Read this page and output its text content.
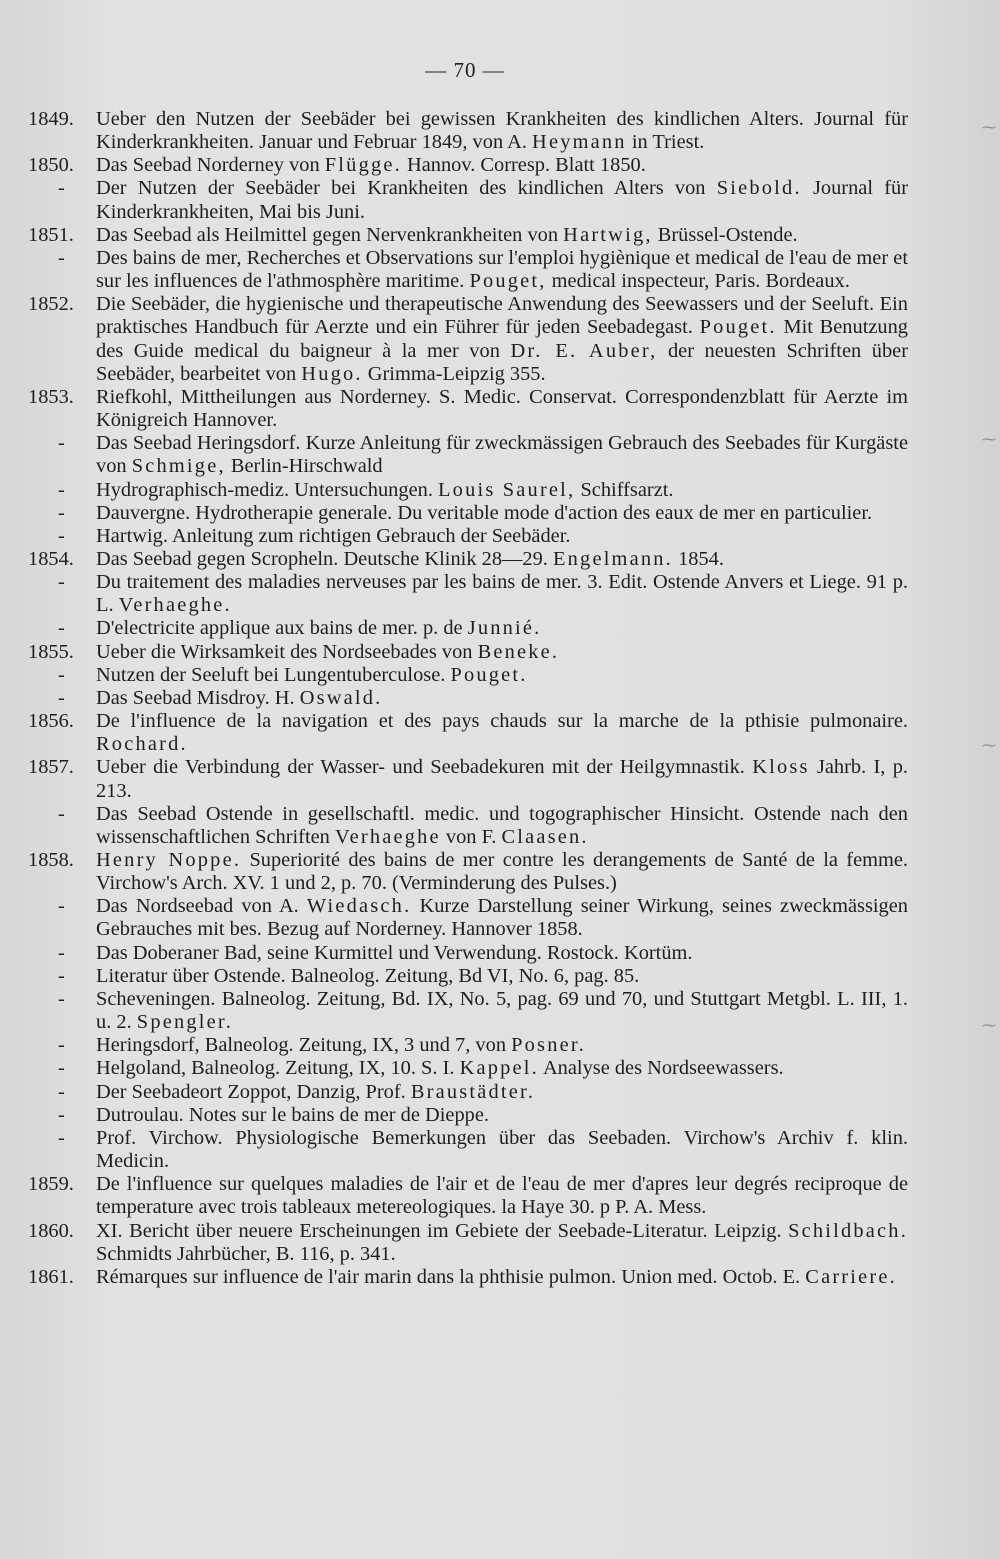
— 70 —
1849.	Ueber den Nutzen der Seebäder bei gewissen Krankheiten des kindlichen Alters. Journal für Kinderkrankheiten. Januar und Februar 1849, von A. Heymann in Triest.
1850.	Das Seebad Norderney von Flügge. Hannov. Corresp. Blatt 1850.
- Der Nutzen der Seebäder bei Krankheiten des kindlichen Alters von Siebold. Journal für Kinderkrankheiten, Mai bis Juni.
1851.	Das Seebad als Heilmittel gegen Nervenkrankheiten von Hartwig, Brüssel-Ostende.
- Des bains de mer, Recherches et Observations sur l'emploi hygiènique et medical de l'eau de mer et sur les influences de l'athmosphère maritime. Pouget, medical inspecteur, Paris. Bordeaux.
1852.	Die Seebäder, die hygienische und therapeutische Anwendung des Seewassers und der Seeluft. Ein praktisches Handbuch für Aerzte und ein Führer für jeden Seebadegast. Pouget. Mit Benutzung des Guide medical du baigneur à la mer von Dr. E. Auber, der neuesten Schriften über Seebäder, bearbeitet von Hugo. Grimma-Leipzig 355.
1853.	Riefkohl, Mittheilungen aus Norderney. S. Medic. Conservat. Correspondenzblatt für Aerzte im Königreich Hannover.
- Das Seebad Heringsdorf. Kurze Anleitung für zweckmässigen Gebrauch des Seebades für Kurgäste von Schmige, Berlin-Hirschwald
- Hydrographisch-mediz. Untersuchungen. Louis Saurel, Schiffsarzt.
- Dauvergne. Hydrotherapie generale. Du veritable mode d'action des eaux de mer en particulier.
- Hartwig. Anleitung zum richtigen Gebrauch der Seebäder.
1854.	Das Seebad gegen Scropheln. Deutsche Klinik 28—29. Engelmann. 1854.
- Du traitement des maladies nerveuses par les bains de mer. 3. Edit. Ostende Anvers et Liege. 91 p. L. Verhaeghe.
- D'electricite applique aux bains de mer. p. de Junnié.
1855.	Ueber die Wirksamkeit des Nordseebades von Beneke.
- Nutzen der Seeluft bei Lungentuberculose. Pouget.
- Das Seebad Misdroy. H. Oswald.
1856.	De l'influence de la navigation et des pays chauds sur la marche de la pthisie pulmonaire. Rochard.
1857.	Ueber die Verbindung der Wasser- und Seebadekuren mit der Heilgymnastik. Kloss Jahrb. I, p. 213.
- Das Seebad Ostende in gesellschaftl. medic. und togographischer Hinsicht. Ostende nach den wissenschaftlichen Schriften Verhaeghe von F. Claasen.
1858.	Henry Noppe. Superiorité des bains de mer contre les derangements de Santé de la femme. Virchow's Arch. XV. 1 und 2, p. 70. (Verminderung des Pulses.)
- Das Nordseebad von A. Wiedasch. Kurze Darstellung seiner Wirkung, seines zweckmässigen Gebrauches mit bes. Bezug auf Norderney. Hannover 1858.
- Das Doberaner Bad, seine Kurmittel und Verwendung. Rostock. Kortüm.
- Literatur über Ostende. Balneolog. Zeitung, Bd VI, No. 6, pag. 85.
- Scheveningen. Balneolog. Zeitung, Bd. IX, No. 5, pag. 69 und 70, und Stuttgart Metgbl. L. III, 1. u. 2. Spengler.
- Heringsdorf, Balneolog. Zeitung, IX, 3 und 7, von Posner.
- Helgoland, Balneolog. Zeitung, IX, 10. S. I. Kappel. Analyse des Nordseewassers.
- Der Seebadeort Zoppot, Danzig, Prof. Braustädter.
- Dutroulau. Notes sur le bains de mer de Dieppe.
- Prof. Virchow. Physiologische Bemerkungen über das Seebaden. Virchow's Archiv f. klin. Medicin.
1859.	De l'influence sur quelques maladies de l'air et de l'eau de mer d'apres leur degrés reciproque de temperature avec trois tableaux metereologiques. la Haye 30. p P. A. Mess.
1860.	XI. Bericht über neuere Erscheinungen im Gebiete der Seebade-Literatur. Leipzig. Schildbach. Schmidts Jahrbücher, B. 116, p. 341.
1861.	Rémarques sur influence de l'air marin dans la phthisie pulmon. Union med. Octob. E. Carriere.
⁓
⁓
⁓
⁓
